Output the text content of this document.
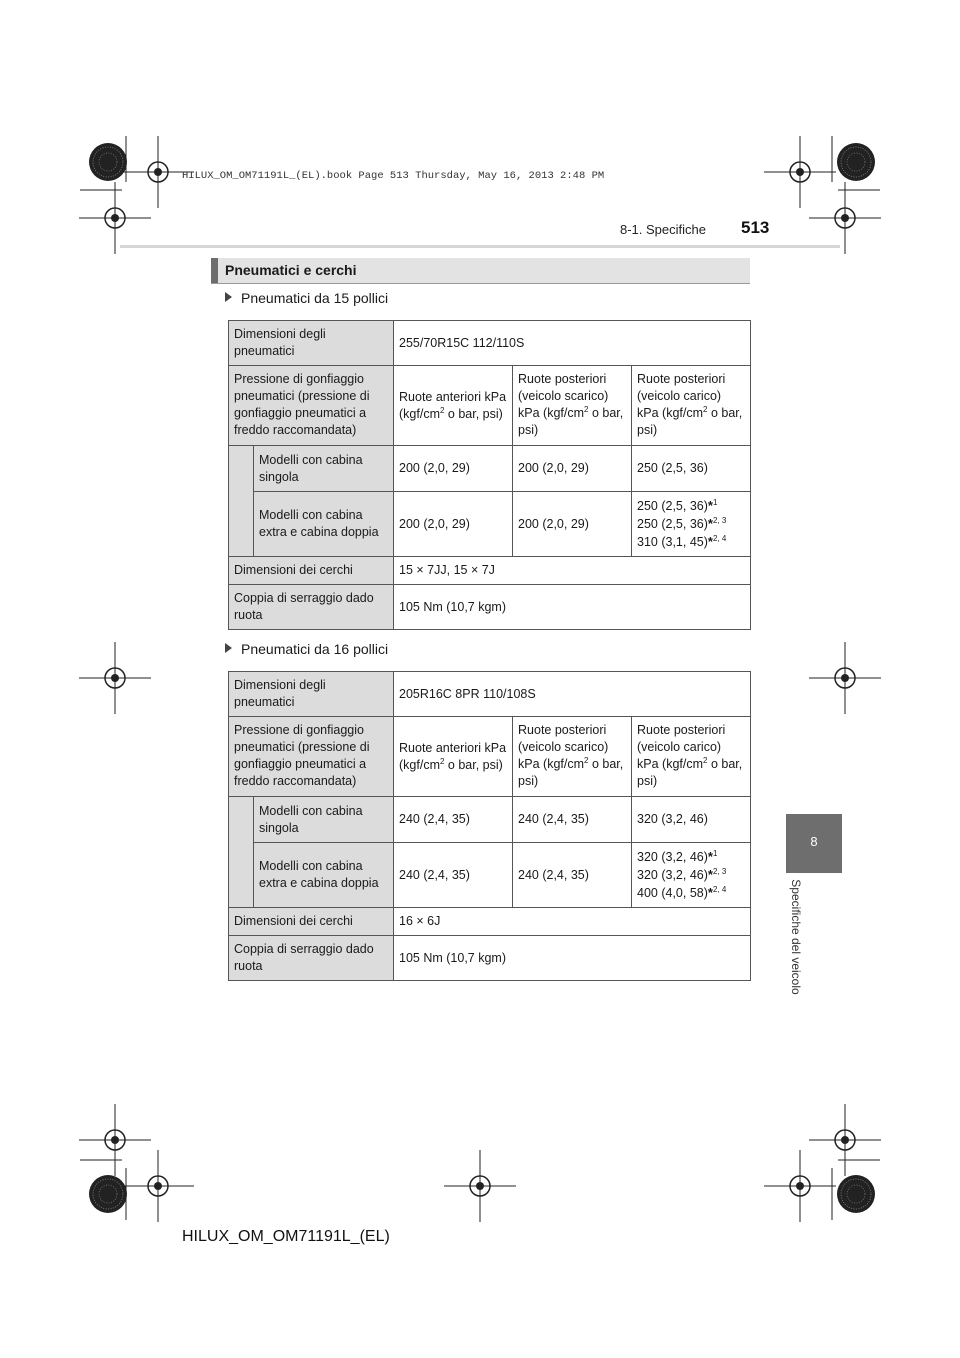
HILUX_OM_OM71191L_(EL).book Page 513 Thursday, May 16, 2013 2:48 PM
8-1. Specifiche 513
Pneumatici e cerchi
Pneumatici da 15 pollici
Dimensioni degli pneumatici		255/70R15C 112/110S		
Pressione di gonfiaggio pneumatici (pressione di gonfiaggio pneumatici a freddo raccomandata)		Ruote anteriori kPa ($kgf/cm^2$ o bar, psi)	Ruote posteriori (veicolo scarico) kPa ($kgf/cm^2$ o bar, psi)	Ruote posteriori (veicolo carico) kPa ($kgf/cm^2$ o bar, psi)
	Modelli con cabina singola	200 (2,0, 29)	200 (2,0, 29)	250 (2,5, 36)
	Modelli con cabina extra e cabina doppia	200 (2,0, 29)	200 (2,0, 29)	250 (2,5, 36)*$^1$
250 (2,5, 36)*$^{2, 3}$
310 (3,1, 45)*$^{2, 4}$

Dimensioni dei cerchi		15 × 7JJ, 15 × 7J		
Coppia di serraggio dado ruota		105 Nm (10,7 kgm)		
Pneumatici da 16 pollici
Dimensioni degli pneumatici		205R16C 8PR 110/108S		
Pressione di gonfiaggio pneumatici (pressione di gonfiaggio pneumatici a freddo raccomandata)		Ruote anteriori kPa ($kgf/cm^2$ o bar, psi)	Ruote posteriori (veicolo scarico) kPa ($kgf/cm^2$ o bar, psi)	Ruote posteriori (veicolo carico) kPa ($kgf/cm^2$ o bar, psi)
	Modelli con cabina singola	240 (2,4, 35)	240 (2,4, 35)	320 (3,2, 46)
	Modelli con cabina extra e cabina doppia	240 (2,4, 35)	240 (2,4, 35)	320 (3,2, 46)*$^1$
320 (3,2, 46)*$^{2, 3}$
400 (4,0, 58)*$^{2, 4}$

Dimensioni dei cerchi		16 × 6J		
Coppia di serraggio dado ruota		105 Nm (10,7 kgm)		
8
Specifiche del veicolo
HILUX_OM_OM71191L_(EL)
